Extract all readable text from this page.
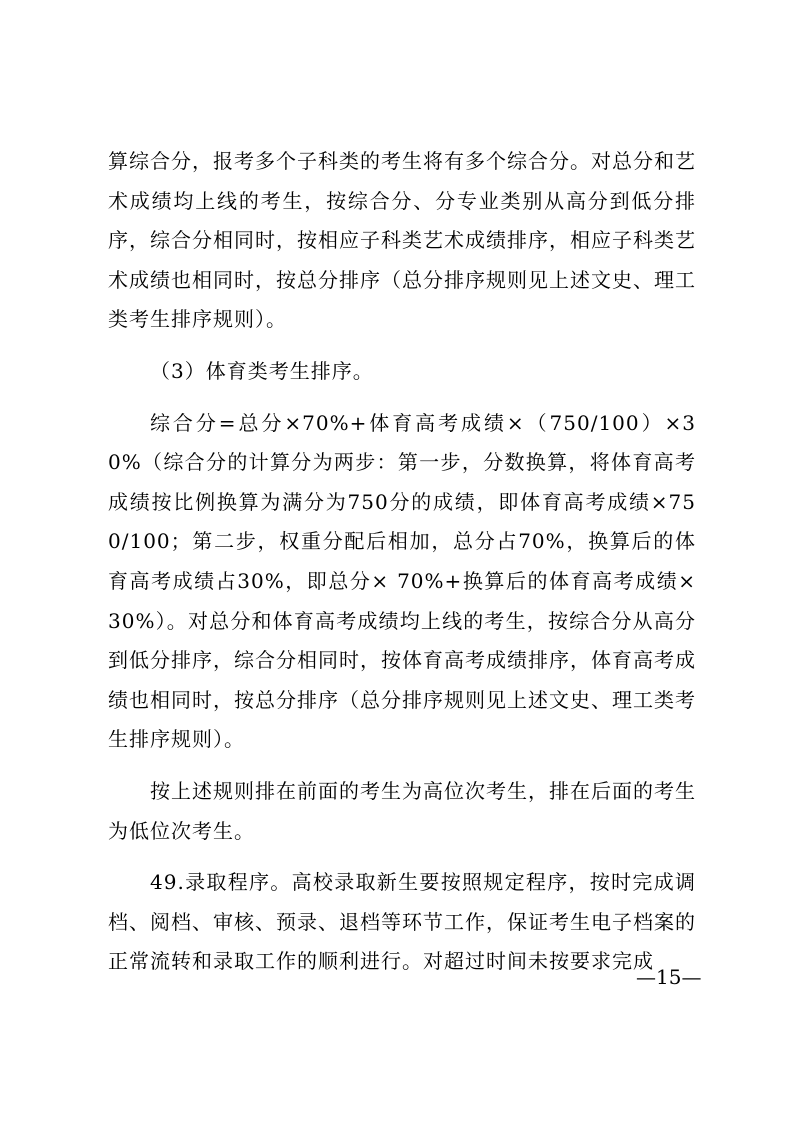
算综合分，报考多个子科类的考生将有多个综合分。对总分和艺术成绩均上线的考生，按综合分、分专业类别从高分到低分排序，综合分相同时，按相应子科类艺术成绩排序，相应子科类艺术成绩也相同时，按总分排序（总分排序规则见上述文史、理工类考生排序规则）。

（3）体育类考生排序。

综合分=总分×70%+体育高考成绩×（750/100）×30%（综合分的计算分为两步：第一步，分数换算，将体育高考成绩按比例换算为满分为750分的成绩，即体育高考成绩×750/100；第二步，权重分配后相加，总分占70%，换算后的体育高考成绩占30%，即总分× 70%+换算后的体育高考成绩× 30%）。对总分和体育高考成绩均上线的考生，按综合分从高分到低分排序，综合分相同时，按体育高考成绩排序，体育高考成绩也相同时，按总分排序（总分排序规则见上述文史、理工类考生排序规则）。

按上述规则排在前面的考生为高位次考生，排在后面的考生为低位次考生。

49.录取程序。高校录取新生要按照规定程序，按时完成调档、阅档、审核、预录、退档等环节工作，保证考生电子档案的正常流转和录取工作的顺利进行。对超过时间未按要求完成

—15—
